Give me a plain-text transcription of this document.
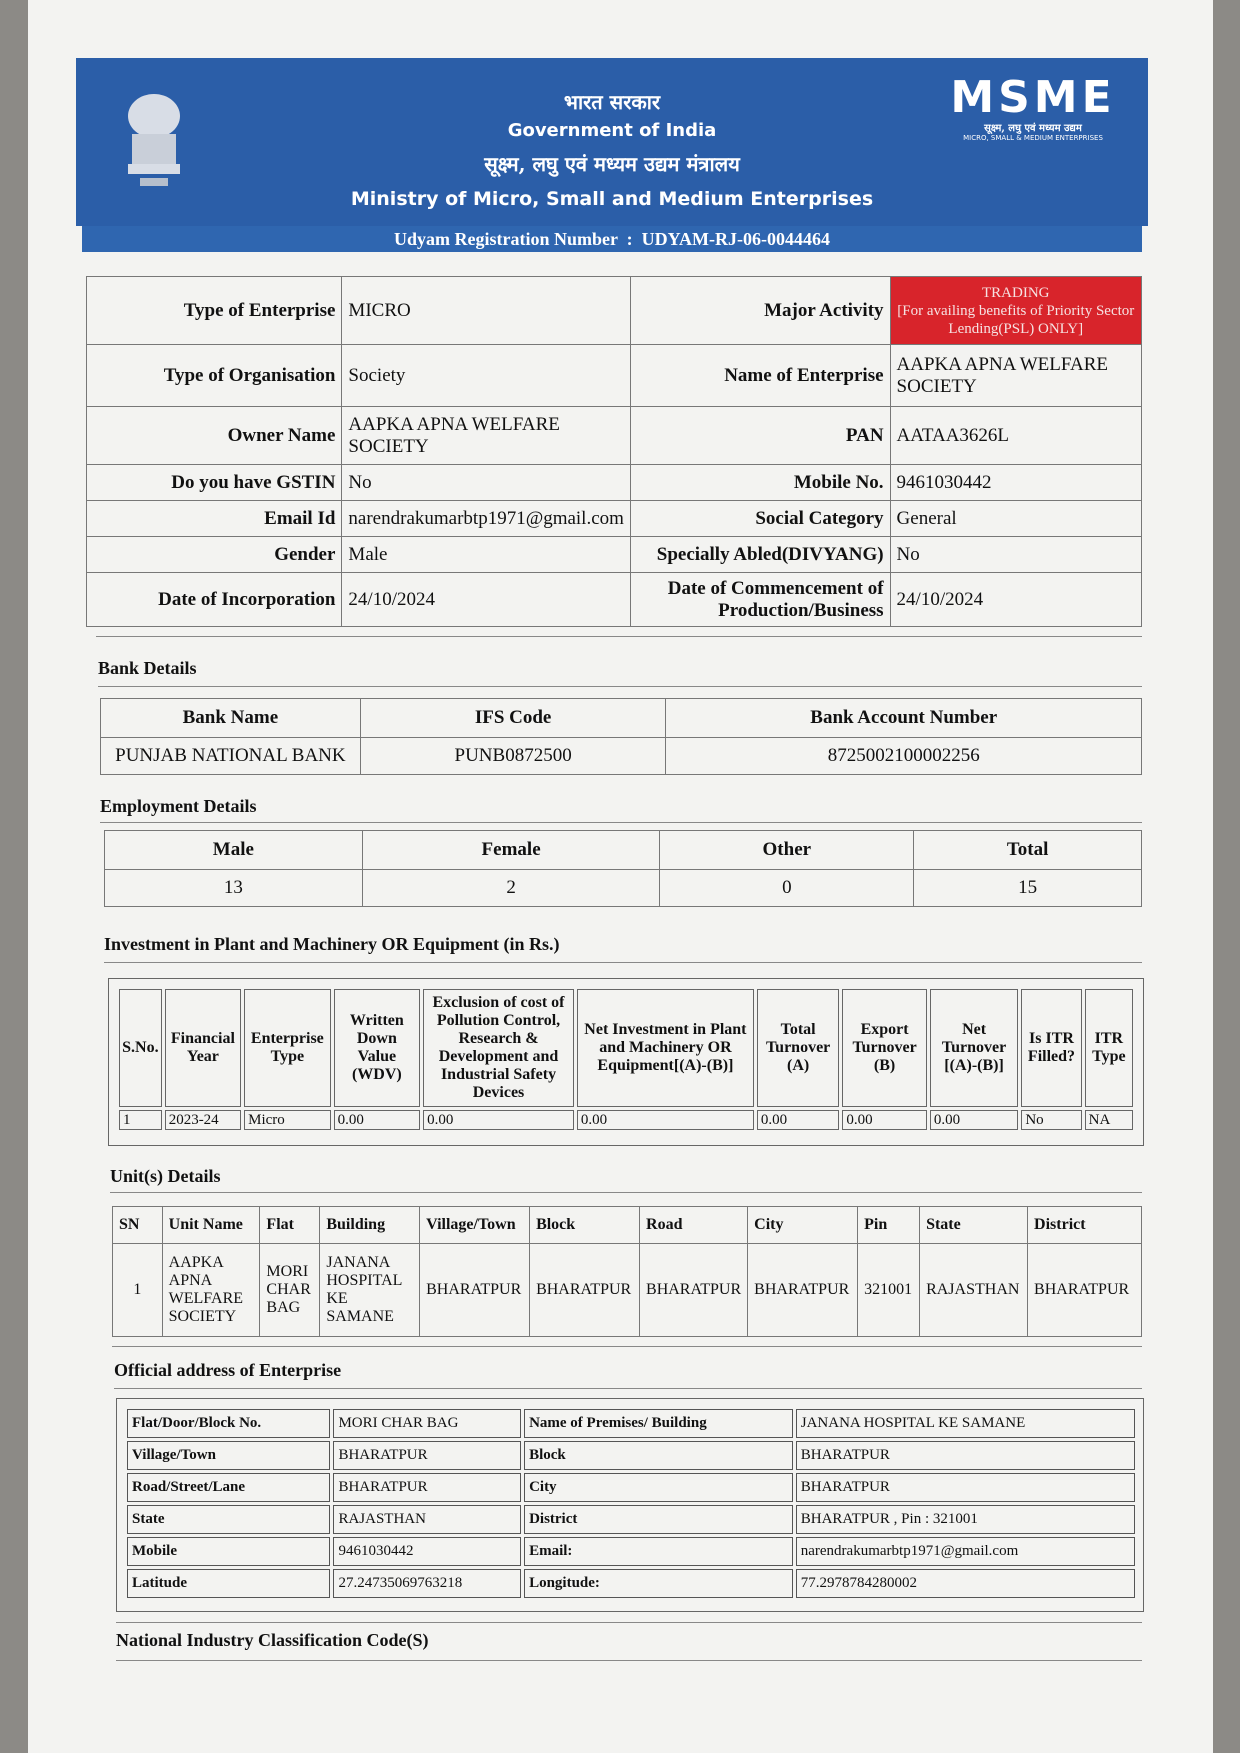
भारत सरकार
Government of India
सूक्ष्म, लघु एवं मध्यम उद्यम मंत्रालय
Ministry of Micro, Small and Medium Enterprises
MSME
सूक्ष्म, लघु एवं मध्यम उद्यम
MICRO, SMALL & MEDIUM ENTERPRISES
Udyam Registration Number : UDYAM-RJ-06-0044464
Type of Enterprise	MICRO	Major Activity	TRADING
[For availing benefits of Priority Sector Lending(PSL) ONLY]

Type of Organisation	Society	Name of Enterprise	AAPKA APNA WELFARE SOCIETY
Owner Name	AAPKA APNA WELFARE SOCIETY	PAN	AATAA3626L
Do you have GSTIN	No	Mobile No.	9461030442
Email Id	narendrakumarbtp1971@gmail.com	Social Category	General
Gender	Male	Specially Abled(DIVYANG)	No
Date of Incorporation	24/10/2024	Date of Commencement of Production/Business	24/10/2024
Bank Details
Bank Name	IFS Code	Bank Account Number
PUNJAB NATIONAL BANK	PUNB0872500	8725002100002256
Employment Details
Male	Female	Other	Total
13	2	0	15
Investment in Plant and Machinery OR Equipment (in Rs.)
S.No.	Financial Year	Enterprise Type	Written Down Value (WDV)	Exclusion of cost of Pollution Control, Research & Development and Industrial Safety Devices	Net Investment in Plant and Machinery OR Equipment[(A)-(B)]	Total Turnover (A)	Export Turnover (B)	Net Turnover [(A)-(B)]	Is ITR Filled?	ITR Type
1	2023-24	Micro	0.00	0.00	0.00	0.00	0.00	0.00	No	NA
Unit(s) Details
SN	Unit Name	Flat	Building	Village/Town	Block	Road	City	Pin	State	District
1	AAPKA APNA WELFARE SOCIETY	MORI CHAR BAG	JANANA HOSPITAL KE SAMANE	BHARATPUR	BHARATPUR	BHARATPUR	BHARATPUR	321001	RAJASTHAN	BHARATPUR
Official address of Enterprise
Flat/Door/Block No.	MORI CHAR BAG	Name of Premises/ Building	JANANA HOSPITAL KE SAMANE
Village/Town	BHARATPUR	Block	BHARATPUR
Road/Street/Lane	BHARATPUR	City	BHARATPUR
State	RAJASTHAN	District	BHARATPUR , Pin : 321001
Mobile	9461030442	Email:	narendrakumarbtp1971@gmail.com
Latitude	27.24735069763218	Longitude:	77.2978784280002
National Industry Classification Code(S)
